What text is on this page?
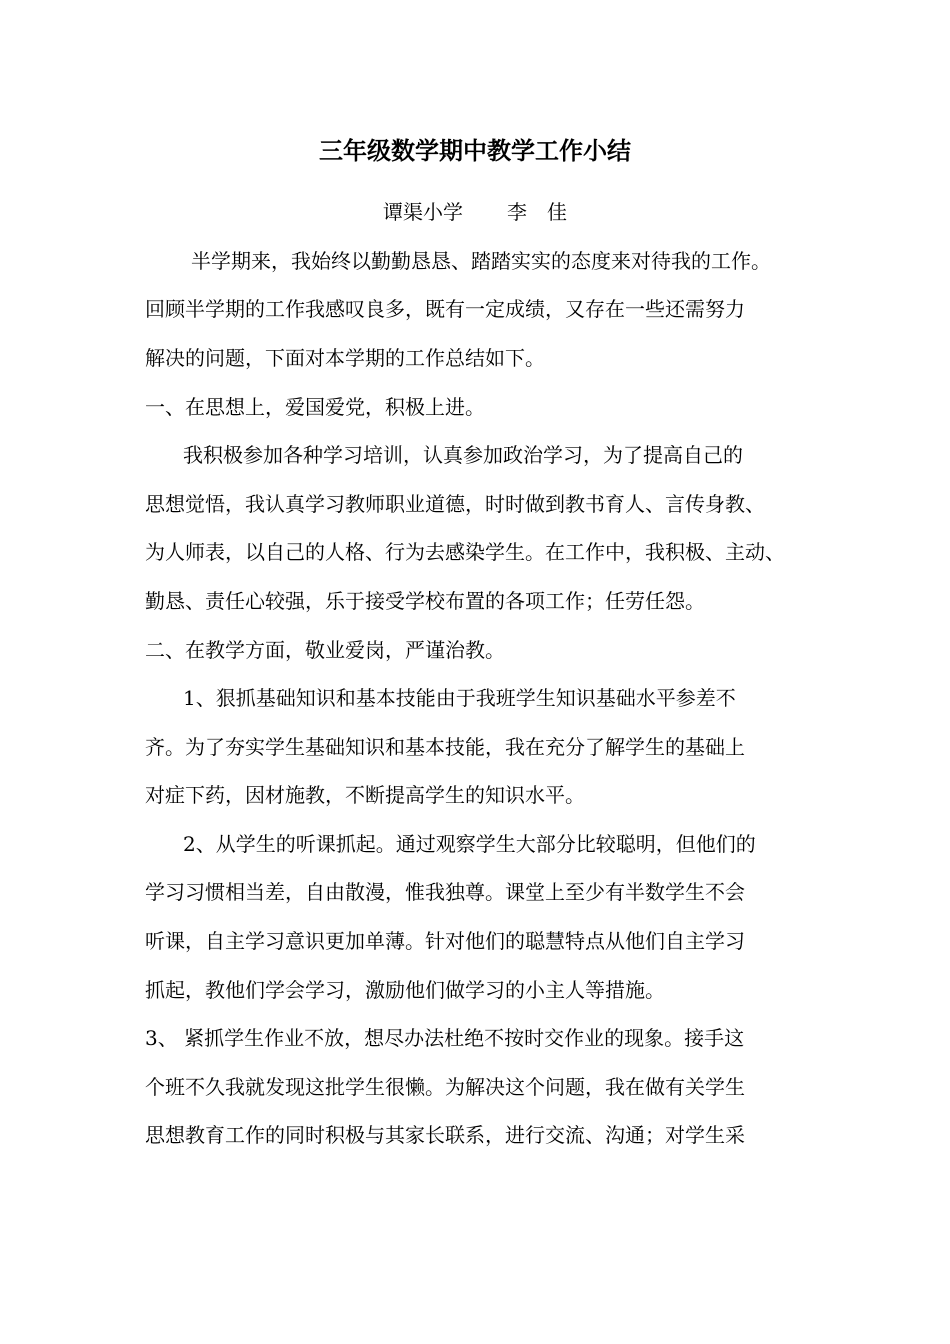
三年级数学期中教学工作小结
谭渠小学 李　佳
半学期来，我始终以勤勤恳恳、踏踏实实的态度来对待我的工作。
回顾半学期的工作我感叹良多，既有一定成绩，又存在一些还需努力
解决的问题，下面对本学期的工作总结如下。
一、在思想上，爱国爱党，积极上进。
我积极参加各种学习培训，认真参加政治学习，为了提高自己的
思想觉悟，我认真学习教师职业道德，时时做到教书育人、言传身教、
为人师表，以自己的人格、行为去感染学生。在工作中，我积极、主动、
勤恳、责任心较强，乐于接受学校布置的各项工作；任劳任怨。
二、在教学方面，敬业爱岗，严谨治教。
1、狠抓基础知识和基本技能由于我班学生知识基础水平参差不
齐。为了夯实学生基础知识和基本技能，我在充分了解学生的基础上
对症下药，因材施教，不断提高学生的知识水平。
2、从学生的听课抓起。通过观察学生大部分比较聪明，但他们的
学习习惯相当差，自由散漫，惟我独尊。课堂上至少有半数学生不会
听课，自主学习意识更加单薄。针对他们的聪慧特点从他们自主学习
抓起，教他们学会学习，激励他们做学习的小主人等措施。
3、 紧抓学生作业不放，想尽办法杜绝不按时交作业的现象。接手这
个班不久我就发现这批学生很懒。为解决这个问题，我在做有关学生
思想教育工作的同时积极与其家长联系，进行交流、沟通；对学生采
